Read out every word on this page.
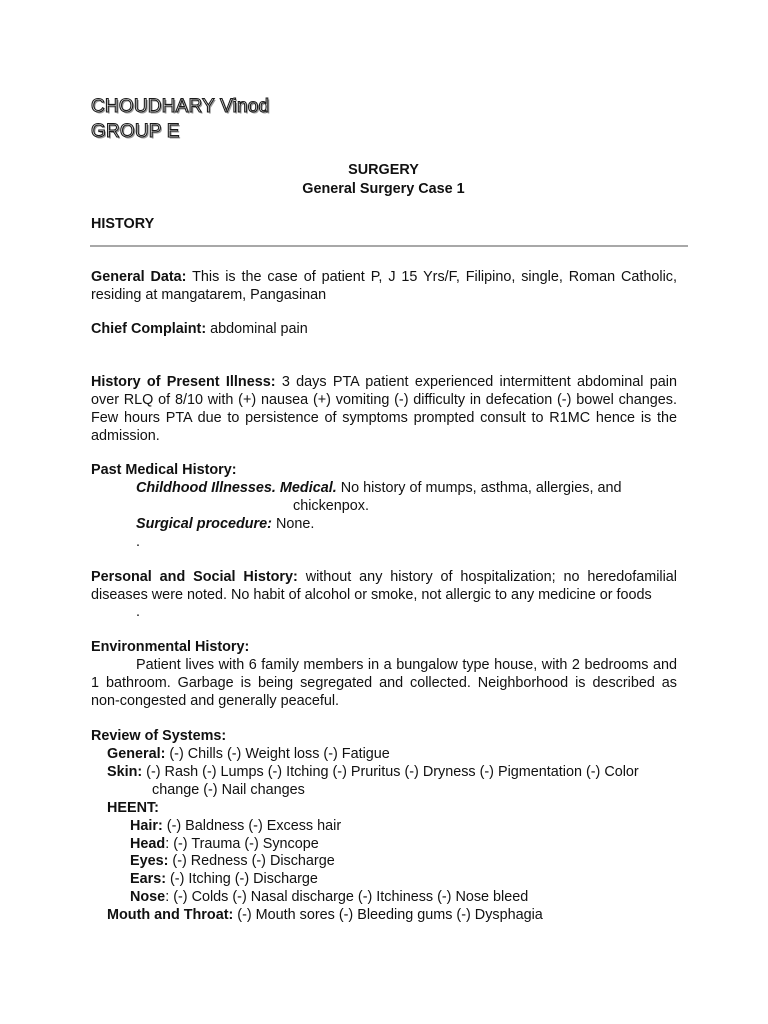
CHOUDHARY Vinod
GROUP E
SURGERY
General Surgery Case 1
HISTORY
General Data: This is the case of patient P, J 15 Yrs/F, Filipino, single, Roman Catholic, residing at mangatarem, Pangasinan
Chief Complaint: abdominal pain
History of Present Illness: 3 days PTA patient experienced intermittent abdominal pain over RLQ of 8/10 with (+) nausea (+) vomiting (-) difficulty in defecation (-) bowel changes. Few hours PTA due to persistence of symptoms prompted consult to R1MC hence is the admission.
Past Medical History:
Childhood Illnesses. Medical. No history of mumps, asthma, allergies, and
chickenpox.
Surgical procedure: None.
.
Personal and Social History: without any history of hospitalization; no heredofamilial diseases were noted. No habit of alcohol or smoke, not allergic to any medicine or foods
.
Environmental History:
Patient lives with 6 family members in a bungalow type house, with 2 bedrooms and 1 bathroom. Garbage is being segregated and collected. Neighborhood is described as non-congested and generally peaceful.
Review of Systems:
General: (-) Chills (-) Weight loss (-) Fatigue
Skin: (-) Rash (-) Lumps (-) Itching (-) Pruritus (-) Dryness (-) Pigmentation (-) Color
change (-) Nail changes
HEENT:
Hair: (-) Baldness (-) Excess hair
Head: (-) Trauma (-) Syncope
Eyes: (-) Redness (-) Discharge
Ears: (-) Itching (-) Discharge
Nose: (-) Colds (-) Nasal discharge (-) Itchiness (-) Nose bleed
Mouth and Throat: (-) Mouth sores (-) Bleeding gums (-) Dysphagia
